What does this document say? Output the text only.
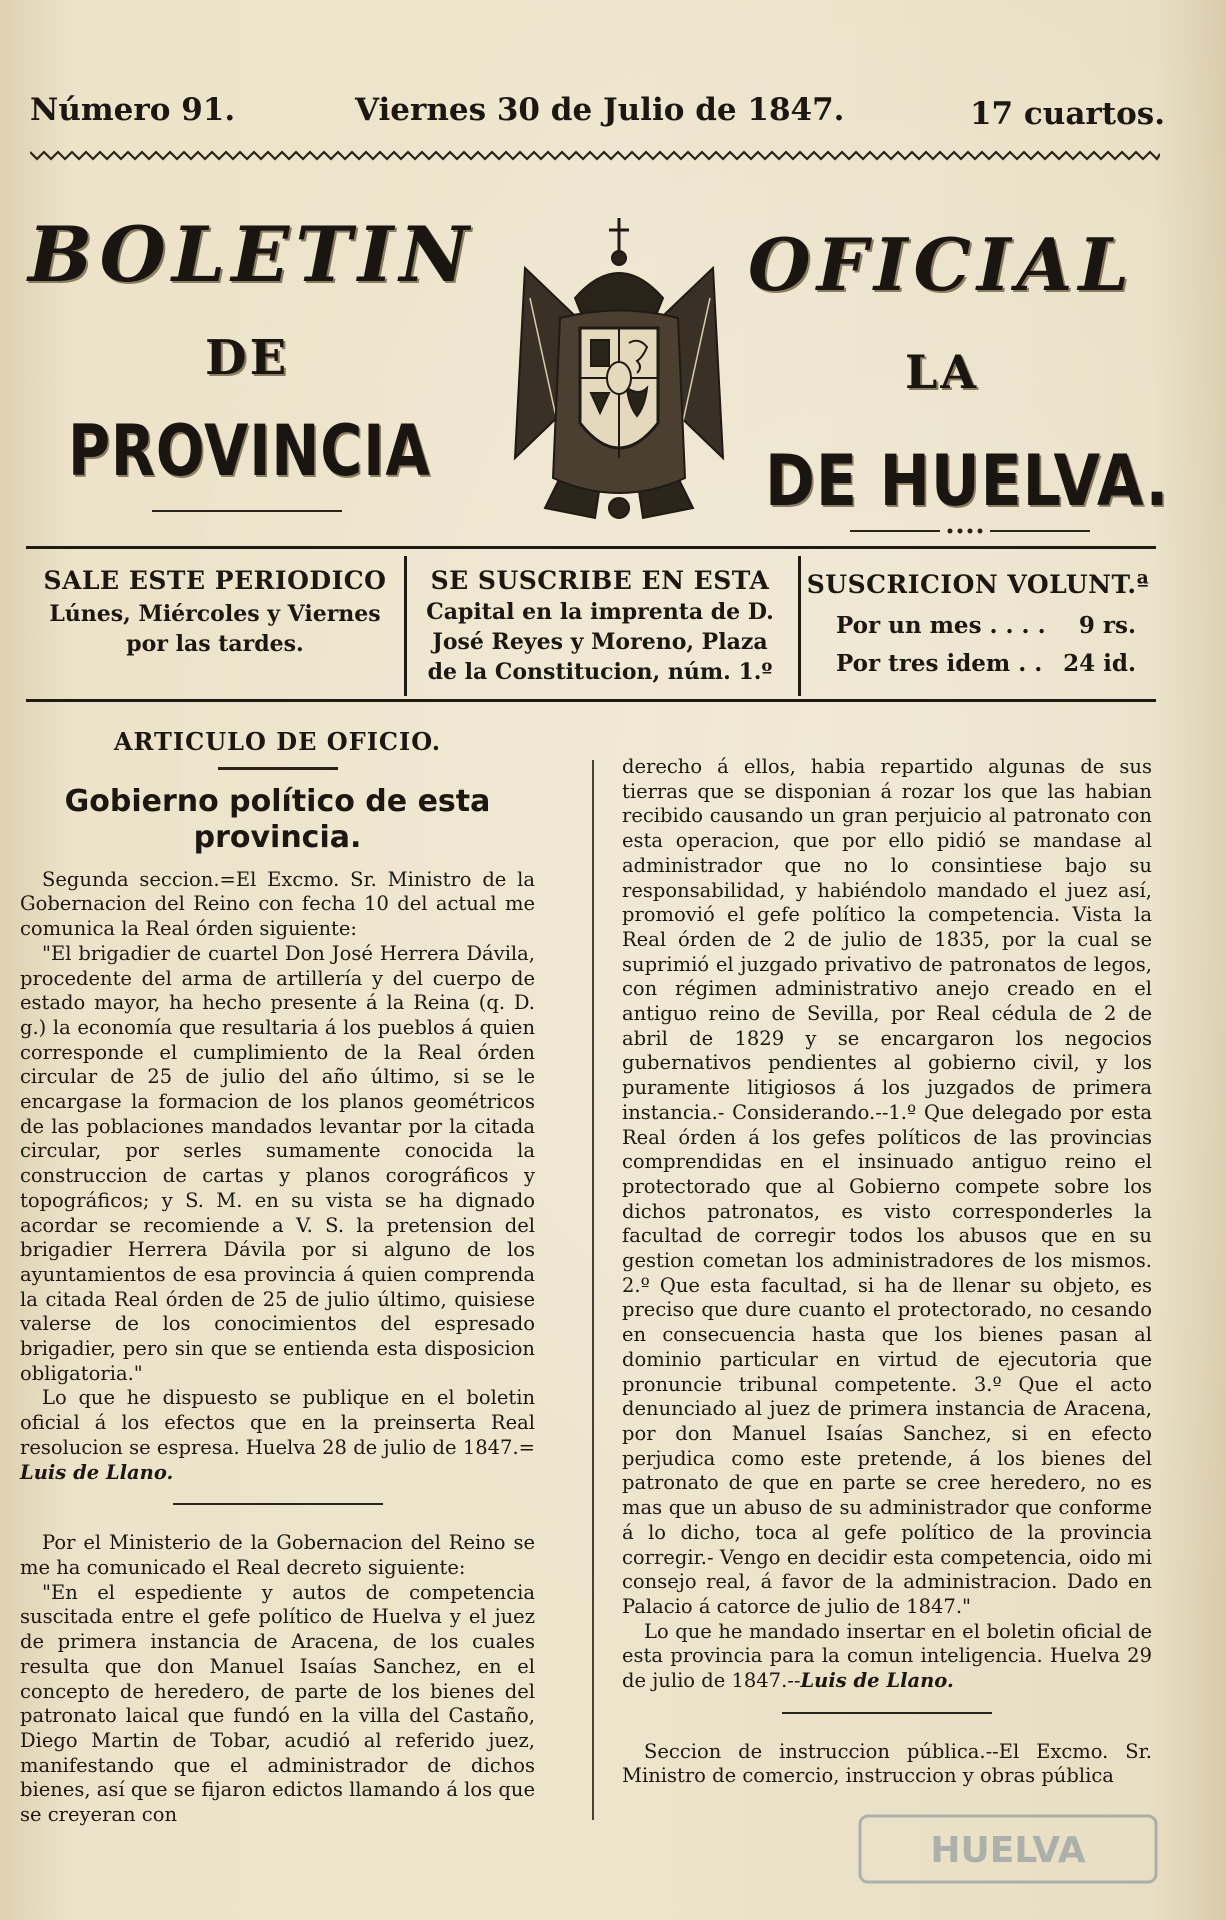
Número 91.	Viernes 30 de Julio de 1847.	17 cuartos.
BOLETIN	OFICIAL
DE	LA
PROVINCIA	DE HUELVA.
SALE ESTE PERIODICO
Lúnes, Miércoles y Viernes
por las tardes.
SE SUSCRIBE EN ESTA
Capital en la imprenta de D.
José Reyes y Moreno, Plaza
de la Constitucion, núm. 1.º
SUSCRICION VOLUNT.ª
Por un mes . . . . 9 rs.
Por tres idem . . 24 id.

ARTICULO DE OFICIO.

Gobierno político de esta provincia.

Segunda seccion.=El Excmo. Sr. Ministro de la Gobernacion del Reino con fecha 10 del actual me comunica la Real órden siguiente:

"El brigadier de cuartel Don José Herrera Dávila, procedente del arma de artillería y del cuerpo de estado mayor, ha hecho presente á la Reina (q. D. g.) la economía que resultaria á los pueblos á quien corresponde el cumplimiento de la Real órden circular de 25 de julio del año último, si se le encargase la formacion de los planos geométricos de las poblaciones mandados levantar por la citada circular, por serles sumamente conocida la construccion de cartas y planos corográficos y topográficos; y S. M. en su vista se ha dignado acordar se recomiende a V. S. la pretension del brigadier Herrera Dávila por si alguno de los ayuntamientos de esa provincia á quien comprenda la citada Real órden de 25 de julio último, quisiese valerse de los conocimientos del espresado brigadier, pero sin que se entienda esta disposicion obligatoria."

Lo que he dispuesto se publique en el boletin oficial á los efectos que en la preinserta Real resolucion se espresa. Huelva 28 de julio de 1847.= Luis de Llano.

Por el Ministerio de la Gobernacion del Reino se me ha comunicado el Real decreto siguiente:

"En el espediente y autos de competencia suscitada entre el gefe político de Huelva y el juez de primera instancia de Aracena, de los cuales resulta que don Manuel Isaías Sanchez, en el concepto de heredero, de parte de los bienes del patronato laical que fundó en la villa del Castaño, Diego Martin de Tobar, acudió al referido juez, manifestando que el administrador de dichos bienes, así que se fijaron edictos llamando á los que se creyeran con

derecho á ellos, habia repartido algunas de sus tierras que se disponian á rozar los que las habian recibido causando un gran perjuicio al patronato con esta operacion, que por ello pidió se mandase al administrador que no lo consintiese bajo su responsabilidad, y habiéndolo mandado el juez así, promovió el gefe político la competencia. Vista la Real órden de 2 de julio de 1835, por la cual se suprimió el juzgado privativo de patronatos de legos, con régimen administrativo anejo creado en el antiguo reino de Sevilla, por Real cédula de 2 de abril de 1829 y se encargaron los negocios gubernativos pendientes al gobierno civil, y los puramente litigiosos á los juzgados de primera instancia.- Considerando.--1.º Que delegado por esta Real órden á los gefes políticos de las provincias comprendidas en el insinuado antiguo reino el protectorado que al Gobierno compete sobre los dichos patronatos, es visto corresponderles la facultad de corregir todos los abusos que en su gestion cometan los administradores de los mismos. 2.º Que esta facultad, si ha de llenar su objeto, es preciso que dure cuanto el protectorado, no cesando en consecuencia hasta que los bienes pasan al dominio particular en virtud de ejecutoria que pronuncie tribunal competente. 3.º Que el acto denunciado al juez de primera instancia de Aracena, por don Manuel Isaías Sanchez, si en efecto perjudica como este pretende, á los bienes del patronato de que en parte se cree heredero, no es mas que un abuso de su administrador que conforme á lo dicho, toca al gefe político de la provincia corregir.- Vengo en decidir esta competencia, oido mi consejo real, á favor de la administracion. Dado en Palacio á catorce de julio de 1847."

Lo que he mandado insertar en el boletin oficial de esta provincia para la comun inteligencia. Huelva 29 de julio de 1847.--Luis de Llano.

Seccion de instruccion pública.--El Excmo. Sr. Ministro de comercio, instruccion y obras pública

HUELVA
